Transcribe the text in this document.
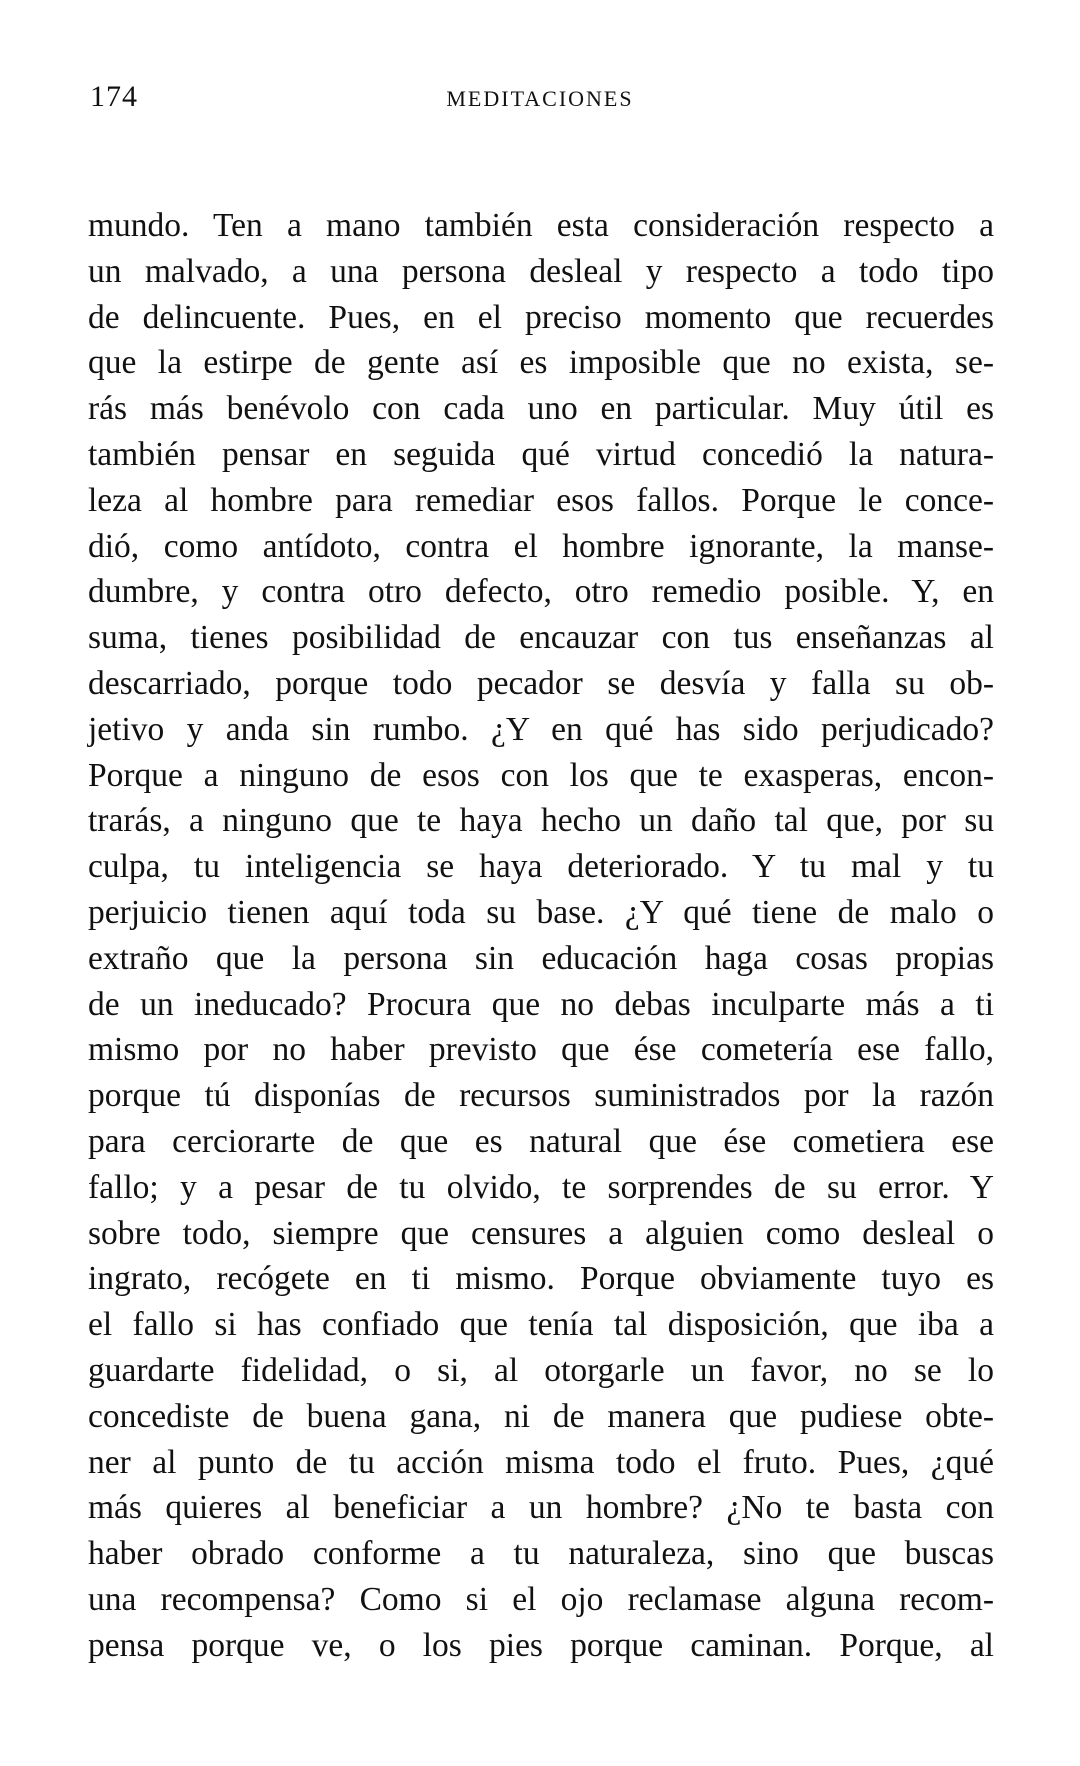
174	MEDITACIONES
mundo. Ten a mano también esta consideración respecto a
un malvado, a una persona desleal y respecto a todo tipo
de delincuente. Pues, en el preciso momento que recuerdes
que la estirpe de gente así es imposible que no exista, se-
rás más benévolo con cada uno en particular. Muy útil es
también pensar en seguida qué virtud concedió la natura-
leza al hombre para remediar esos fallos. Porque le conce-
dió, como antídoto, contra el hombre ignorante, la manse-
dumbre, y contra otro defecto, otro remedio posible. Y, en
suma, tienes posibilidad de encauzar con tus enseñanzas al
descarriado, porque todo pecador se desvía y falla su ob-
jetivo y anda sin rumbo. ¿Y en qué has sido perjudicado?
Porque a ninguno de esos con los que te exasperas, encon-
trarás, a ninguno que te haya hecho un daño tal que, por su
culpa, tu inteligencia se haya deteriorado. Y tu mal y tu
perjuicio tienen aquí toda su base. ¿Y qué tiene de malo o
extraño que la persona sin educación haga cosas propias
de un ineducado? Procura que no debas inculparte más a ti
mismo por no haber previsto que ése cometería ese fallo,
porque tú disponías de recursos suministrados por la razón
para cerciorarte de que es natural que ése cometiera ese
fallo; y a pesar de tu olvido, te sorprendes de su error. Y
sobre todo, siempre que censures a alguien como desleal o
ingrato, recógete en ti mismo. Porque obviamente tuyo es
el fallo si has confiado que tenía tal disposición, que iba a
guardarte fidelidad, o si, al otorgarle un favor, no se lo
concediste de buena gana, ni de manera que pudiese obte-
ner al punto de tu acción misma todo el fruto. Pues, ¿qué
más quieres al beneficiar a un hombre? ¿No te basta con
haber obrado conforme a tu naturaleza, sino que buscas
una recompensa? Como si el ojo reclamase alguna recom-
pensa porque ve, o los pies porque caminan. Porque, al
